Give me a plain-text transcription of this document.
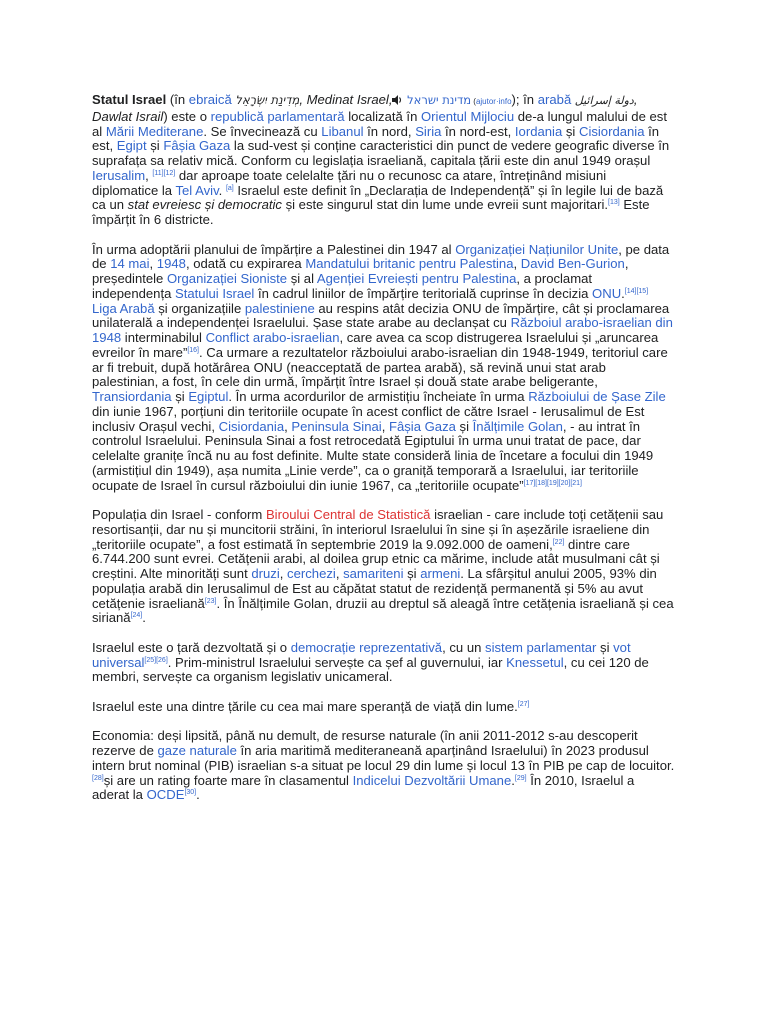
Statul Israel (în ebraică מְדִינַת יִשְׂרָאֵל, Medinat Israel, מדינת ישראל (ajutor·info); în arabă دولة إسرائيل, Dawlat Israil) este o republică parlamentară localizată în Orientul Mijlociu de-a lungul malului de est al Mării Mediterane. Se învecinează cu Libanul în nord, Siria în nord-est, Iordania și Cisiordania în est, Egipt și Fâșia Gaza la sud-vest și conține caracteristici din punct de vedere geografic diverse în suprafața sa relativ mică. Conform cu legislația israeliană, capitala țării este din anul 1949 orașul Ierusalim, [11][12] dar aproape toate celelalte țări nu o recunosc ca atare, întreținând misiuni diplomatice la Tel Aviv. [a] Israelul este definit în „Declarația de Independență” și în legile lui de bază ca un stat evreiesc și democratic și este singurul stat din lume unde evreii sunt majoritari.[13] Este împărțit în 6 districte.

În urma adoptării planului de împărțire a Palestinei din 1947 al Organizației Națiunilor Unite, pe data de 14 mai, 1948, odată cu expirarea Mandatului britanic pentru Palestina, David Ben-Gurion, președintele Organizației Sioniste și al Agenției Evreiești pentru Palestina, a proclamat independența Statului Israel în cadrul liniilor de împărțire teritorială cuprinse în decizia ONU.[14][15] Liga Arabă și organizațiile palestiniene au respins atât decizia ONU de împărțire, cât și proclamarea unilaterală a independenței Israelului. Șase state arabe au declanșat cu Războiul arabo-israelian din 1948 interminabilul Conflict arabo-israelian, care avea ca scop distrugerea Israelului și „aruncarea evreilor în mare”[16]. Ca urmare a rezultatelor războiului arabo-israelian din 1948-1949, teritoriul care ar fi trebuit, după hotărârea ONU (neacceptată de partea arabă), să revină unui stat arab palestinian, a fost, în cele din urmă, împărțit între Israel și două state arabe beligerante, Transiordania și Egiptul. În urma acordurilor de armistițiu încheiate în urma Războiului de Șase Zile din iunie 1967, porțiuni din teritoriile ocupate în acest conflict de către Israel - Ierusalimul de Est inclusiv Orașul vechi, Cisiordania, Peninsula Sinai, Fâșia Gaza și Înălțimile Golan, - au intrat în controlul Israelului. Peninsula Sinai a fost retrocedată Egiptului în urma unui tratat de pace, dar celelalte granițe încă nu au fost definite. Multe state consideră linia de încetare a focului din 1949 (armistițiul din 1949), așa numita „Linie verde”, ca o graniță temporară a Israelului, iar teritoriile ocupate de Israel în cursul războiului din iunie 1967, ca „teritoriile ocupate”[17][18][19][20][21]

Populația din Israel - conform Biroului Central de Statistică israelian - care include toți cetățenii sau resortisanții, dar nu și muncitorii străini, în interiorul Israelului în sine și în așezările israeliene din „teritoriile ocupate”, a fost estimată în septembrie 2019 la 9.092.000 de oameni,[22] dintre care 6.744.200 sunt evrei. Cetățenii arabi, al doilea grup etnic ca mărime, include atât musulmani cât și creștini. Alte minorități sunt druzi, cerchezi, samariteni și armeni. La sfârșitul anului 2005, 93% din populația arabă din Ierusalimul de Est au căpătat statut de rezidență permanentă și 5% au avut cetățenie israeliană[23]. În Înălțimile Golan, druzii au dreptul să aleagă între cetățenia israeliană și cea siriană[24].

Israelul este o țară dezvoltată și o democrație reprezentativă, cu un sistem parlamentar și vot universal[25][26]. Prim-ministrul Israelului servește ca șef al guvernului, iar Knessetul, cu cei 120 de membri, servește ca organism legislativ unicameral.

Israelul este una dintre țările cu cea mai mare speranță de viață din lume.[27]

Economia: deși lipsită, până nu demult, de resurse naturale (în anii 2011-2012 s-au descoperit rezerve de gaze naturale în aria maritimă mediteraneană aparținând Israelului) în 2023 produsul intern brut nominal (PIB) israelian s-a situat pe locul 29 din lume și locul 13 în PIB pe cap de locuitor. [28]și are un rating foarte mare în clasamentul Indicelui Dezvoltării Umane.[29] În 2010, Israelul a aderat la OCDE[30].
